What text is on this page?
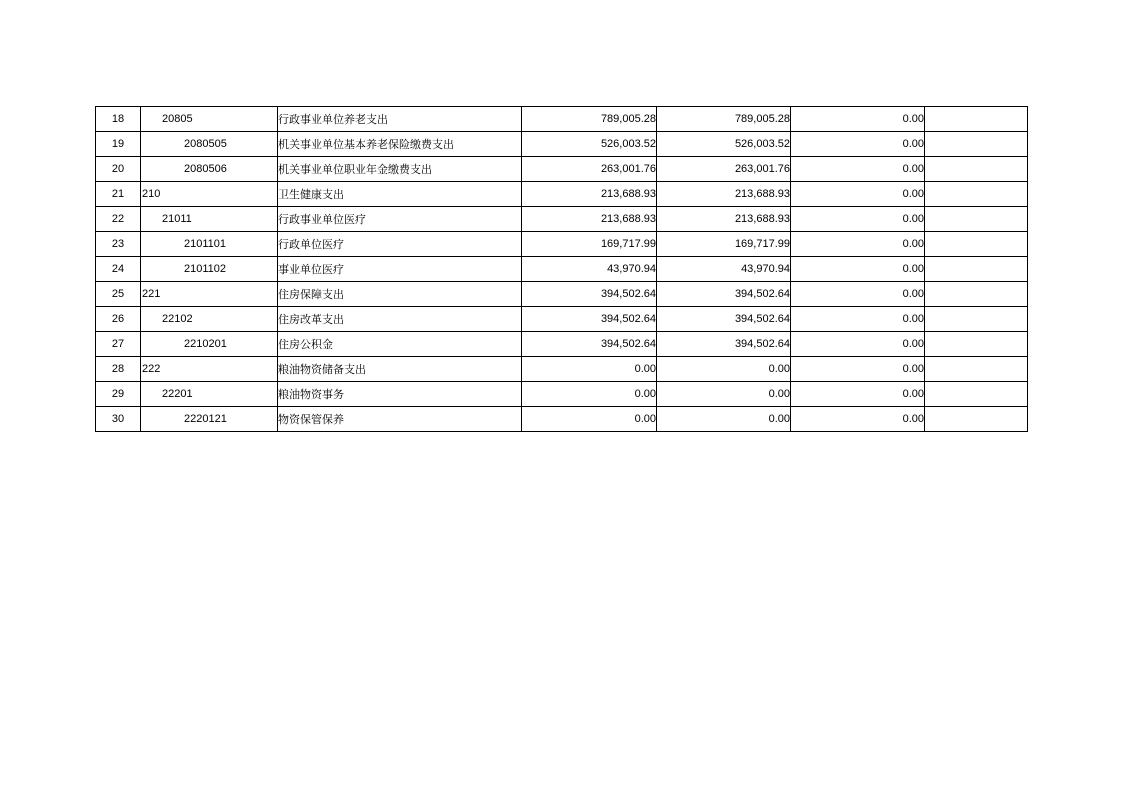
18	20805	行政事业单位养老支出	789,005.28	789,005.28	0.00	
19	2080505	机关事业单位基本养老保险缴费支出	526,003.52	526,003.52	0.00	
20	2080506	机关事业单位职业年金缴费支出	263,001.76	263,001.76	0.00	
21	210	卫生健康支出	213,688.93	213,688.93	0.00	
22	21011	行政事业单位医疗	213,688.93	213,688.93	0.00	
23	2101101	行政单位医疗	169,717.99	169,717.99	0.00	
24	2101102	事业单位医疗	43,970.94	43,970.94	0.00	
25	221	住房保障支出	394,502.64	394,502.64	0.00	
26	22102	住房改革支出	394,502.64	394,502.64	0.00	
27	2210201	住房公积金	394,502.64	394,502.64	0.00	
28	222	粮油物资储备支出	0.00	0.00	0.00	
29	22201	粮油物资事务	0.00	0.00	0.00	
30	2220121	物资保管保养	0.00	0.00	0.00	
